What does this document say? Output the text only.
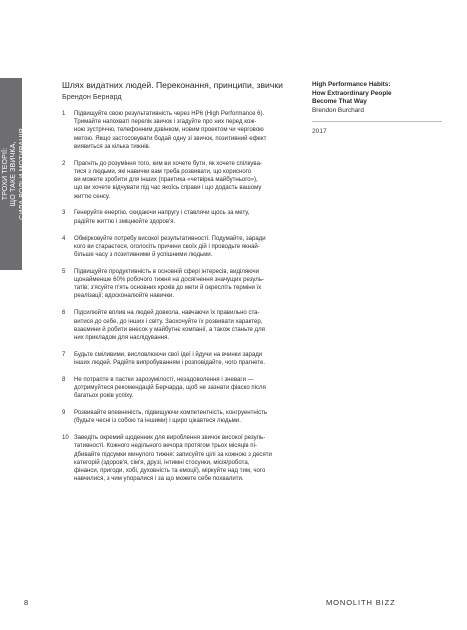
ТРОХИ ТЕОРІЇ: ЩО ТАКЕ ЗВИЧКА, СИЛА ВОЛІ И МОТИВАЦІЯ
Шлях видатних людей. Переконання, принципи, звички
Брендон Бернард
1 Підвищуйте свою результативність через HP6 (High Performance 6).
Тримайте напохваті перелік звичок і згадуйте про них перед кож-
ною зустріччю, телефонним дзвінком, новим проектом чи черговою
метою. Якщо застосовувати бодай одну зі звичок, позитивний ефект
виявиться за кілька тижнів.
2 Прагніть до розуміння того, ким ви хочете бути, як хочете спілкува-
тися з людьми, які навички вам треба розвивати, що корисного
ви можете зробити для інших (практика «четвірка майбутнього»),
що ви хочете відчувати під час якоїсь справи і що додасть вашому
життю сенсу.
3 Генеруйте енергію, скидаючи напругу і ставлячи щось за мету,
радійте життю і зміцнюйте здоров'я.
4 Обмірковуйте потребу високої результативності. Подумайте, заради
кого ви стараєтеся, оголосіть причини своїх дій і проводьте якнай-
більше часу з позитивними й успішними людьми.
5 Підвищуйте продуктивність в основній сфері інтересів, виділяючи
щонайменше 60% робочого тижня на досягнення значущих резуль-
татів; з'ясуйте п'ять основних кроків до мети й окресліть терміни їх
реалізації; вдосконалюйте навички.
6 Підсилюйте вплив на людей довкола, навчаючи їх правильно ста-
витися до себе, до інших і світу. Заохочуйте їх розвивати характер,
взаємини й робити внесок у майбутнє компанії, а також станьте для
них прикладом для наслідування.
7 Будьте сміливими, висловлюючи свої ідеї і йдучи на вчинки заради
інших людей. Радійте випробуванням і розповідайте, чого прагнете.
8 Не потрапте в пастки зарозумілості, незадоволення і зневаги —
дотримуйтеся рекомендацій Берчарда, щоб не зазнати фіаско після
багатьох років успіху.
9 Розвивайте впевненість, підвищуючи компетентність, конгруентність
(будьте чесні із собою та іншими) і щиро цікавтеся людьми.
10 Заведіть окремий щоденник для вироблення звичок високої резуль-
тативності. Кожного недільного вечора протягом трьох місяців пі-
дбивайте підсумки минулого тижня: записуйте цілі за кожною з десяти
категорій (здоров'я, сім'я, друзі, інтимні стосунки, місія/робота,
фінанси, пригоди, хобі, духовність та емоції), міркуйте над тим, чого
навчилися, з чим упоралися і за що можете себе похвалити.
High Performance Habits:
How Extraordinary People
Become That Way
Brendon Burchard
2017
8	MONOLITH BIZZ
